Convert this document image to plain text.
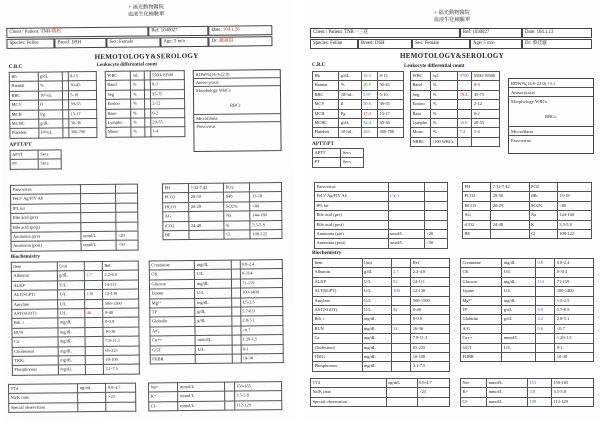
+ 福光動物醫院
血液生化檢驗單
Client / Patient: TNR-瑞松	Ref: 1040027	Date: 104.1.26
Species: Feline	Breed: DSH	Sex: Female	Age: 5 m/o	Dr: 趙淑涓
HEMOTOLOGY&SEROLOGY
C.B.C	Leukocyte differential count
Hb	g/dL		8-15
Hamtat	%		30-45
RBC	10⁶/uL		5-10
MCV	fl		39-55
MCH	Pg		13-17
MCHC	g/dL		30-36
Platelets	10³/uL		300-700
WBC	/uL		5500-19500
Band	%		0-3
Seg	%		35-75
Eosino	%		2-12
Baso	%		0-2
Lympho	%		20-55
Mono	%		1-4
RDW%(14.0-22.0)
Anisocytosis
Morphology WBCs

RBCs
Microfilaria
Parvovirus
APTT/PT
APTT	Secs
PT	Secs
Parvovirus		
FeLV Ag/FIV Ab		
fPL kit		
Bile acid (pre)		
Bile acid (post)		
Ammonia (pre)	umol/L	<20
Ammonia (post)	umol/L	<50
PH	7.32-7.42	PO2	
PCO2	29-50	tHb	13-18
HCO3	20-29	SO2%	<80
AG		Na	144-160
tCO2	24-48	K	3.5-5.8
BE		Cl	109-122
Biochemistry
Item	Unit		Ref.
Albumin	g/dL	2.7	2.2-4.0
ALKP	U/L		14-111
ALT(SGPT)	U/L	130	12-130
Amylase	U/L		500-1500
AST(SGOT)	U/L	40	0-48
Bili. t	mg/dL		0-0.9
BUN	mg/dL		16-36
Ca	mg/dL		7.8-11.3
Cholesterol	mg/dL		65-225
TRIG	mg/dL		10-100
Phosphorous	mg/dL		3.1-7.5
Creatinine	mg/dL		0.8-2.4
CK	U/L		0-314
Glucose	mg/dL		71-159
Lipase	U/L		100-1400
Mg²⁺	mg/dL		1.5-2.5
TP	g/dL		5.7-8.9
Globulin	g/dL		2.8-5.1
A/G			<0.7
Ca++	mmol/L		1.20-1.5
GGT	U/L		0-1
FIIBR			10-30
TT4	ng/mL	0.8-4.7
Na/K ratio		>23
Special observation		
Na+	mmol/L		150-165
K+	mmol/L		3.5-5.8
Cl-	mmol/L		112-129
+ 福光動物醫院
血液生化檢驗單
Client / Patient: TNR一三花	Ref: 1030027	Date: 104.1.13
Species: Feline	Breed: DSH	Sex: Female	Age: 5 m/o	Dr: 蔡佳璇
HEMOTOLOGY&SEROLOGY
C.B.C	Leukocyte differential count
Hb	g/dL	10.3	8-15
Hamtat	%	29.9	30-45
RBC	10⁶/uL	5.97	5-10
MCV	fl	50.6	39-55
MCH	Pg	17.4	13-17
MCHC	g/dL	34.4	30-36
Platelets	10³/uL	283	300-700
WBC	/uL	9700	5500-19500
Band	%		0-3
Seg	%	78.4	35-75
Eosino	%		2-12
Baso	%		0-2
Lympho	%	16.8	20-55
Mono	%	7.2	1-4
NRBC	/100 WBCs		
RDW%(14.0-22.0) 19.2
Anisocytosis
Morphology WBCs

RBCs
Microfilaria
Parvovirus
APTT/PT
APTT	Secs
PT	Secs
Parvovirus		
FeLV Ag/FIV Ab	(-)(-)	
fPL kit		
Bile acid (pre)		
Bile acid (post)		
Ammonia (pre)	umol/L	<20
Ammonia (post)	umol/L	<50
PH	7.32-7.42	PO2	
PCO2	29-50	tHb	13-18
HCO3	20-29	SO2%	<80
AG		Na	144-160
tCO2	24-48	K	3.5-5.8
BE		Cl	109-122
Biochemistry
Item	Unit		Ref.
Albumin	g/dL	2.7	2.2-4.0
ALKP	U/L	52	14-111
ALT(SGPT)	U/L	106	12-130
Amylase	U/L		500-1500
AST(SGOT)	U/L	92	0-48
Bili. t	mg/dL		0-0.9
BUN	mg/dL	24	16-36
Ca	mg/dL		7.8-11.3
Cholesterol	mg/dL		65-225
TRIG	mg/dL		10-100
Phosphorous	mg/dL		3.1-7.5
Creatinine	mg/dL	0.8	0.8-2.4
CK	U/L		0-314
Glucose	mg/dL	113	71-159
Lipase	U/L		100-1400
Mg²⁺	mg/dL		1.5-2.5
TP	g/dL	6.9	5.7-8.9
Globulin	g/dL	4.2	2.8-5.1
A/G		0.6	<0.7
Ca++	mmol/L		1.20-1.5
GGT	U/L		0-1
FIIBR			10-30
TT4	ng/mL	0.8-4.7
Na/K ratio		>23
Special observation		
Na+	mmol/L	151	150-165
K+	mmol/L	3.8	3.5-5.8
Cl-	mmol/L	108	112-129
